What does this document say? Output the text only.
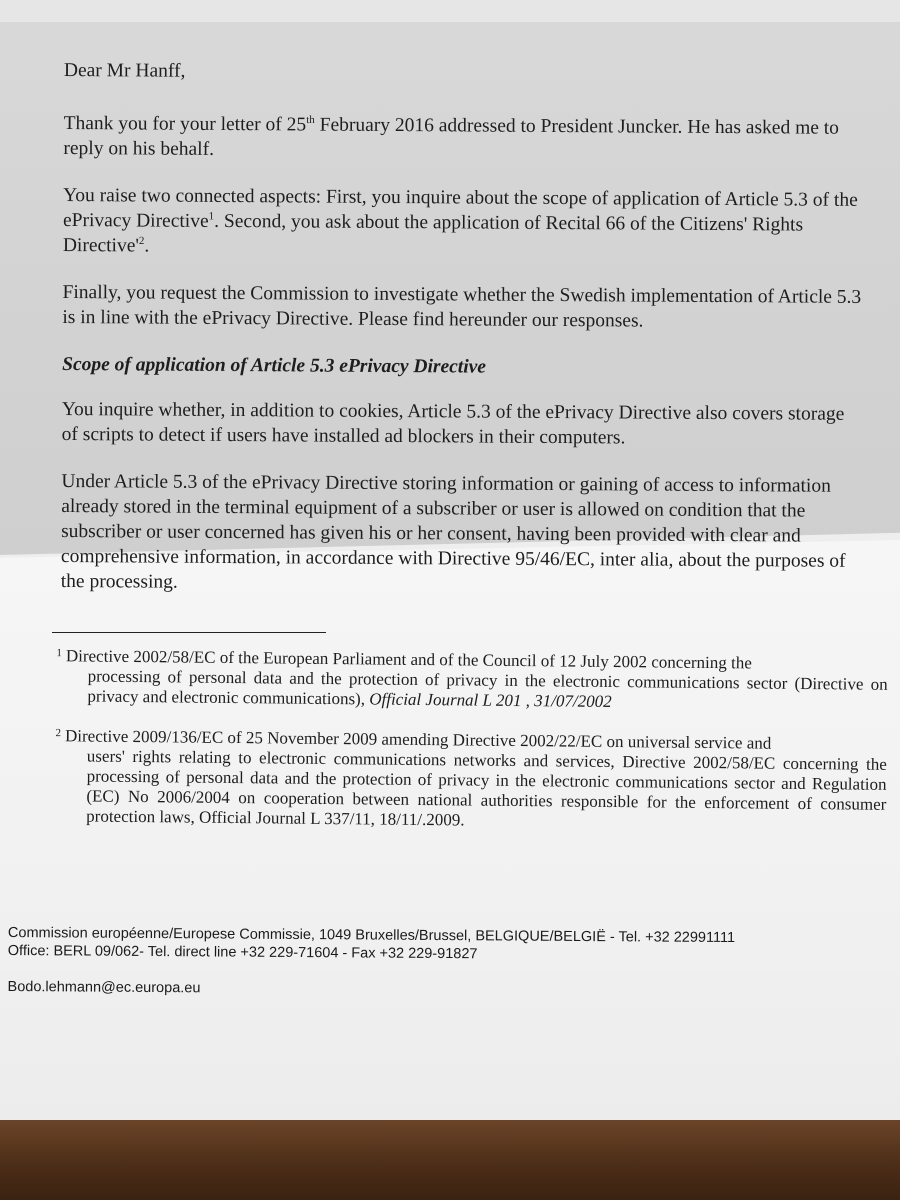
Dear Mr Hanff,

Thank you for your letter of 25th February 2016 addressed to President Juncker. He has asked me to reply on his behalf.

You raise two connected aspects: First, you inquire about the scope of application of Article 5.3 of the ePrivacy Directive$^1$. Second, you ask about the application of Recital 66 of the Citizens' Rights $Directive'^2$.

Finally, you request the Commission to investigate whether the Swedish implementation of Article 5.3 is in line with the ePrivacy Directive. Please find hereunder our responses.

Scope of application of Article 5.3 ePrivacy Directive

You inquire whether, in addition to cookies, Article 5.3 of the ePrivacy Directive also covers storage of scripts to detect if users have installed ad blockers in their computers.

Under Article 5.3 of the ePrivacy Directive storing information or gaining of access to information already stored in the terminal equipment of a subscriber or user is allowed on condition that the subscriber or user concerned has given his or her consent, having been provided with clear and comprehensive information, in accordance with Directive 95/46/EC, inter alia, about the purposes of the processing.

1 Directive 2002/58/EC of the European Parliament and of the Council of 12 July 2002 concerning the
processing of personal data and the protection of privacy in the electronic communications sector (Directive on privacy and electronic communications), Official Journal L 201 , 31/07/2002
2 Directive 2009/136/EC of 25 November 2009 amending Directive 2002/22/EC on universal service and
users' rights relating to electronic communications networks and services, Directive 2002/58/EC concerning the processing of personal data and the protection of privacy in the electronic communications sector and Regulation (EC) No 2006/2004 on cooperation between national authorities responsible for the enforcement of consumer protection laws, Official Journal L 337/11, 18/11/.2009.
Commission européenne/Europese Commissie, 1049 Bruxelles/Brussel, BELGIQUE/BELGIË - Tel. +32 22991111
Office: BERL 09/062- Tel. direct line +32 229-71604 - Fax +32 229-91827
Bodo.lehmann@ec.europa.eu
